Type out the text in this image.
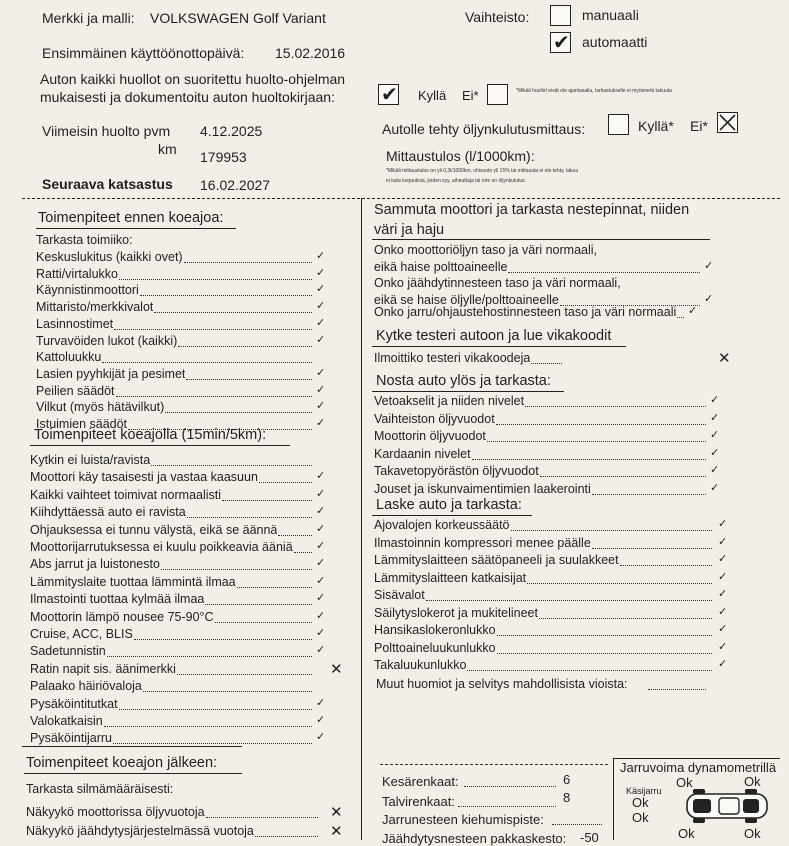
Merkki ja malli: VOLKSWAGEN Golf Variant
Ensimmäinen käyttöönottopäivä: 15.02.2016
Auton kaikki huollot on suoritettu huolto-ohjelman
mukaisesti ja dokumentoitu auton huoltokirjaan: ✔ Kyllä Ei*	*Mikäli huollot eivät ole ajantasalla, tarkastukselle ei myönnetä takuuta
Viimeisin huolto pvm 4.12.2025
km 179953
Seuraava katsastus 16.02.2027
Vaihteisto:	manuaali
✔ automaatti
Autolle tehty öljynkulutusmittaus:	Kyllä* Ei*
Mittaustulos (l/1000km):
*Mikäli mittaustulos on yli 0,3l/1000km, ohivuoto yli 15% tai mittausta ei ole tehty, takuu
ei kata korjauksia, joiden syy, aiheuttaja tai oire on öljynkulutus.
Toimenpiteet ennen koeajoa:
Tarkasta toimiiko:
Keskuslukitus (kaikki ovet)	✓
Ratti/virtalukko	✓
Käynnistinmoottori	✓
Mittaristo/merkkivalot	✓
Lasinnostimet	✓
Turvavöiden lukot (kaikki)	✓
Kattoluukku
Lasien pyyhkijät ja pesimet	✓
Peilien säädöt	✓
Vilkut (myös hätävilkut)	✓
Istuimien säädöt	✓
Toimenpiteet koeajolla (15min/5km):
Kytkin ei luista/ravista
Moottori käy tasaisesti ja vastaa kaasuun	✓
Kaikki vaihteet toimivat normaalisti	✓
Kiihdyttäessä auto ei ravista	✓
Ohjauksessa ei tunnu välystä, eikä se äännä	✓
Moottorijarrutuksessa ei kuulu poikkeavia ääniä ✓
Abs jarrut ja luistonesto	✓
Lämmityslaite tuottaa lämmintä ilmaa	✓
Ilmastointi tuottaa kylmää ilmaa	✓
Moottorin lämpö nousee 75-90°C	✓
Cruise, ACC, BLIS	✓
Sadetunnistin	✓
Ratin napit sis. äänimerkki	✕
Palaako häiriövaloja
Pysäköintitutkat	✓
Valokatkaisin	✓
Pysäköintijarru	✓
Toimenpiteet koeajon jälkeen:
Tarkasta silmämääräisesti:
Näkyykö moottorissa öljyvuotoja	✕
Näkyykö jäähdytysjärjestelmässä vuotoja	✕
Sammuta moottori ja tarkasta nestepinnat, niiden
väri ja haju
Onko moottoriöljyn taso ja väri normaali,
eikä haise polttoaineelle	✓
Onko jäähdytinnesteen taso ja väri normaali,
eikä se haise öljylle/polttoaineelle	✓
Onko jarru/ohjaustehostinnesteen taso ja väri normaali ✓
Kytke testeri autoon ja lue vikakoodit
Ilmoittiko testeri vikakoodeja	✕
Nosta auto ylös ja tarkasta:
Vetoakselit ja niiden nivelet	✓
Vaihteiston öljyvuodot	✓
Moottorin öljyvuodot	✓
Kardaanin nivelet	✓
Takavetopyörästön öljyvuodot	✓
Jouset ja iskunvaimentimien laakerointi	✓
Laske auto ja tarkasta:
Ajovalojen korkeussäätö	✓
Ilmastoinnin kompressori menee päälle	✓
Lämmityslaitteen säätöpaneeli ja suulakkeet	✓
Lämmityslaitteen katkaisijat	✓
Sisävalot	✓
Säilytyslokerot ja mukitelineet	✓
Hansikaslokeronlukko	✓
Polttoaineluukunlukko	✓
Takaluukunlukko	✓
Muut huomiot ja selvitys mahdollisista vioista:
Kesärenkaat:	6
Talvirenkaat:	8
Jarrunesteen kiehumispiste:
Jäähdytysnesteen pakkaskesto: -50
Jarruvoima dynamometrillä
Ok	Ok
Käsijarru
Ok
Ok
Ok	Ok
